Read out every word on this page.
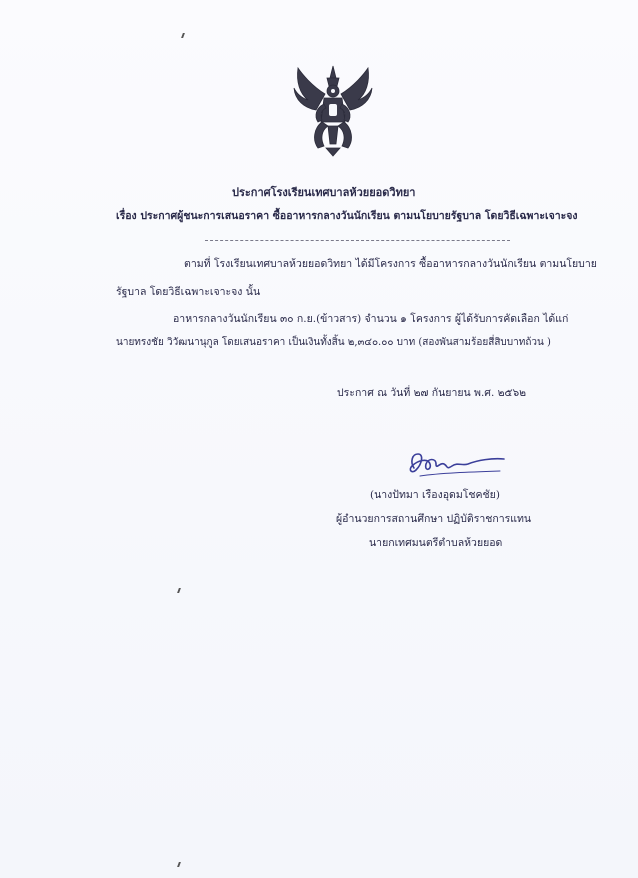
ประกาศโรงเรียนเทศบาลห้วยยอดวิทยา
เรื่อง ประกาศผู้ชนะการเสนอราคา ซื้ออาหารกลางวันนักเรียน ตามนโยบายรัฐบาล โดยวิธีเฉพาะเจาะจง
ตามที่ โรงเรียนเทศบาลห้วยยอดวิทยา ได้มีโครงการ ซื้ออาหารกลางวันนักเรียน ตามนโยบาย
รัฐบาล โดยวิธีเฉพาะเจาะจง นั้น
อาหารกลางวันนักเรียน ๓๐ ก.ย.(ข้าวสาร) จำนวน ๑ โครงการ ผู้ได้รับการคัดเลือก ได้แก่
นายทรงชัย วิวัฒนานุกูล โดยเสนอราคา เป็นเงินทั้งสิ้น ๒,๓๔๐.๐๐ บาท (สองพันสามร้อยสี่สิบบาทถ้วน )
ประกาศ ณ วันที่ ๒๗ กันยายน พ.ศ. ๒๕๖๒
(นางปัทมา เรืองอุดมโชคชัย)
ผู้อำนวยการสถานศึกษา ปฏิบัติราชการแทน
นายกเทศมนตรีตำบลห้วยยอด
